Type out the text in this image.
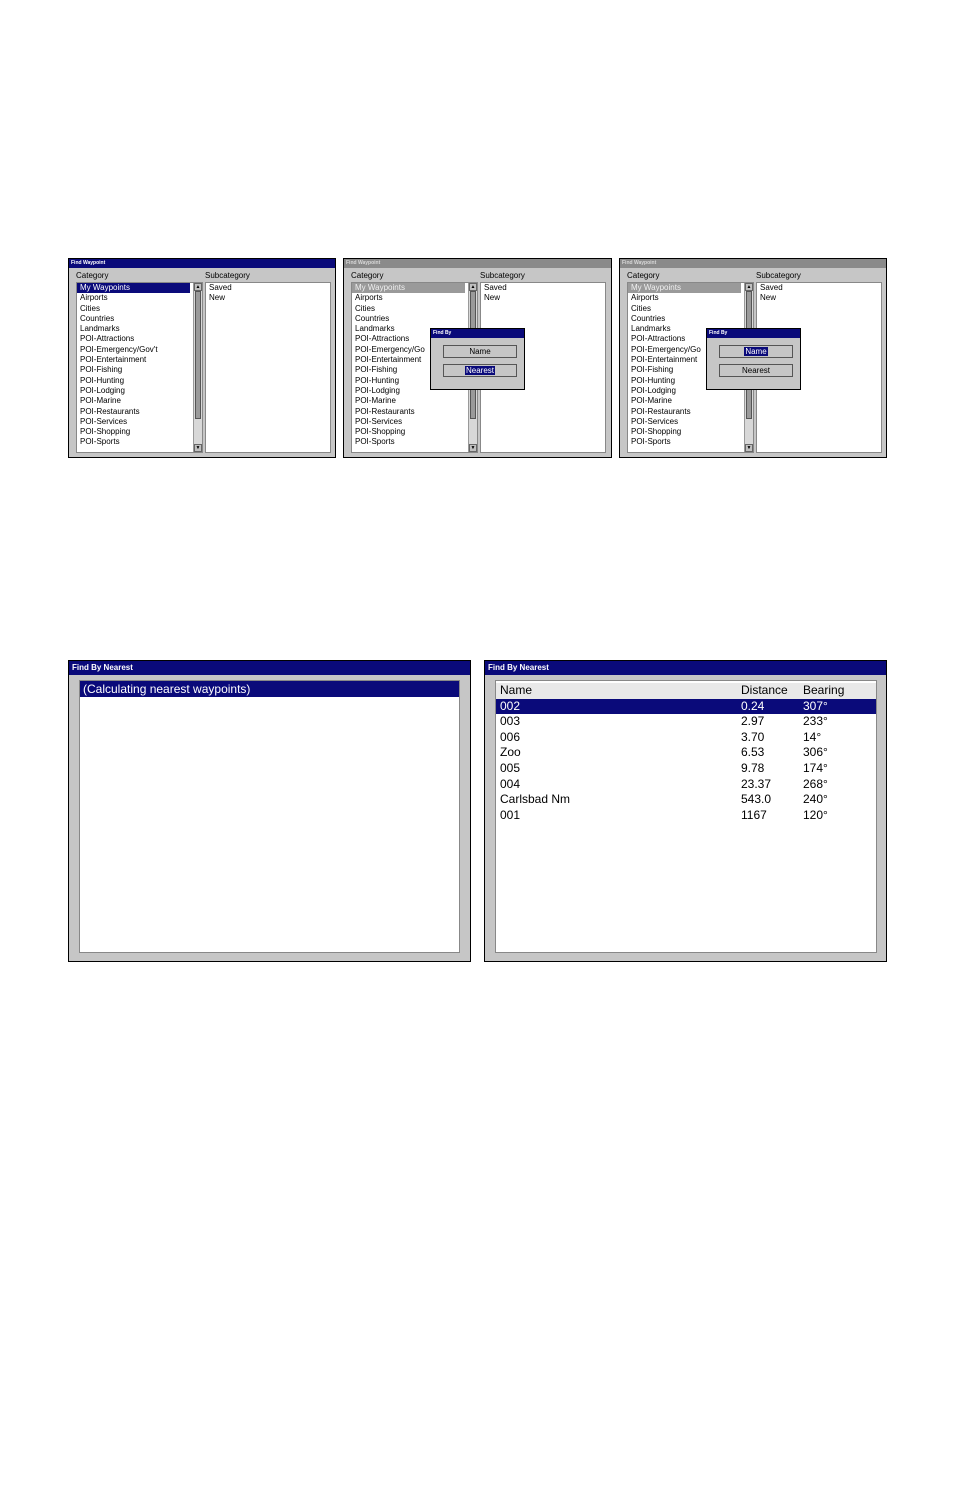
Find Waypoint
Category	Subcategory
My Waypoints
Airports
Cities
Countries
Landmarks
POI-Attractions
POI-Emergency/Gov't
POI-Entertainment
POI-Fishing
POI-Hunting
POI-Lodging
POI-Marine
POI-Restaurants
POI-Services
POI-Shopping
POI-Sports
▲
▼
Saved
New
Find Waypoint
Category	Subcategory
My Waypoints
Airports
Cities
Countries
Landmarks
POI-Attractions
POI-Emergency/Go
POI-Entertainment
POI-Fishing
POI-Hunting
POI-Lodging
POI-Marine
POI-Restaurants
POI-Services
POI-Shopping
POI-Sports
▲
▼
Saved
New
Find By
Name
Nearest
Find Waypoint
Category	Subcategory
My Waypoints
Airports
Cities
Countries
Landmarks
POI-Attractions
POI-Emergency/Go
POI-Entertainment
POI-Fishing
POI-Hunting
POI-Lodging
POI-Marine
POI-Restaurants
POI-Services
POI-Shopping
POI-Sports
▲
▼
Saved
New
Find By
Name
Nearest
Find By Nearest
(Calculating nearest waypoints)
Find By Nearest
Name	Distance Bearing
002	0.24	307°
003	2.97	233°
006	3.70	14°
Zoo	6.53	306°
005	9.78	174°
004	23.37	268°
Carlsbad Nm	543.0	240°
001	1167	120°
